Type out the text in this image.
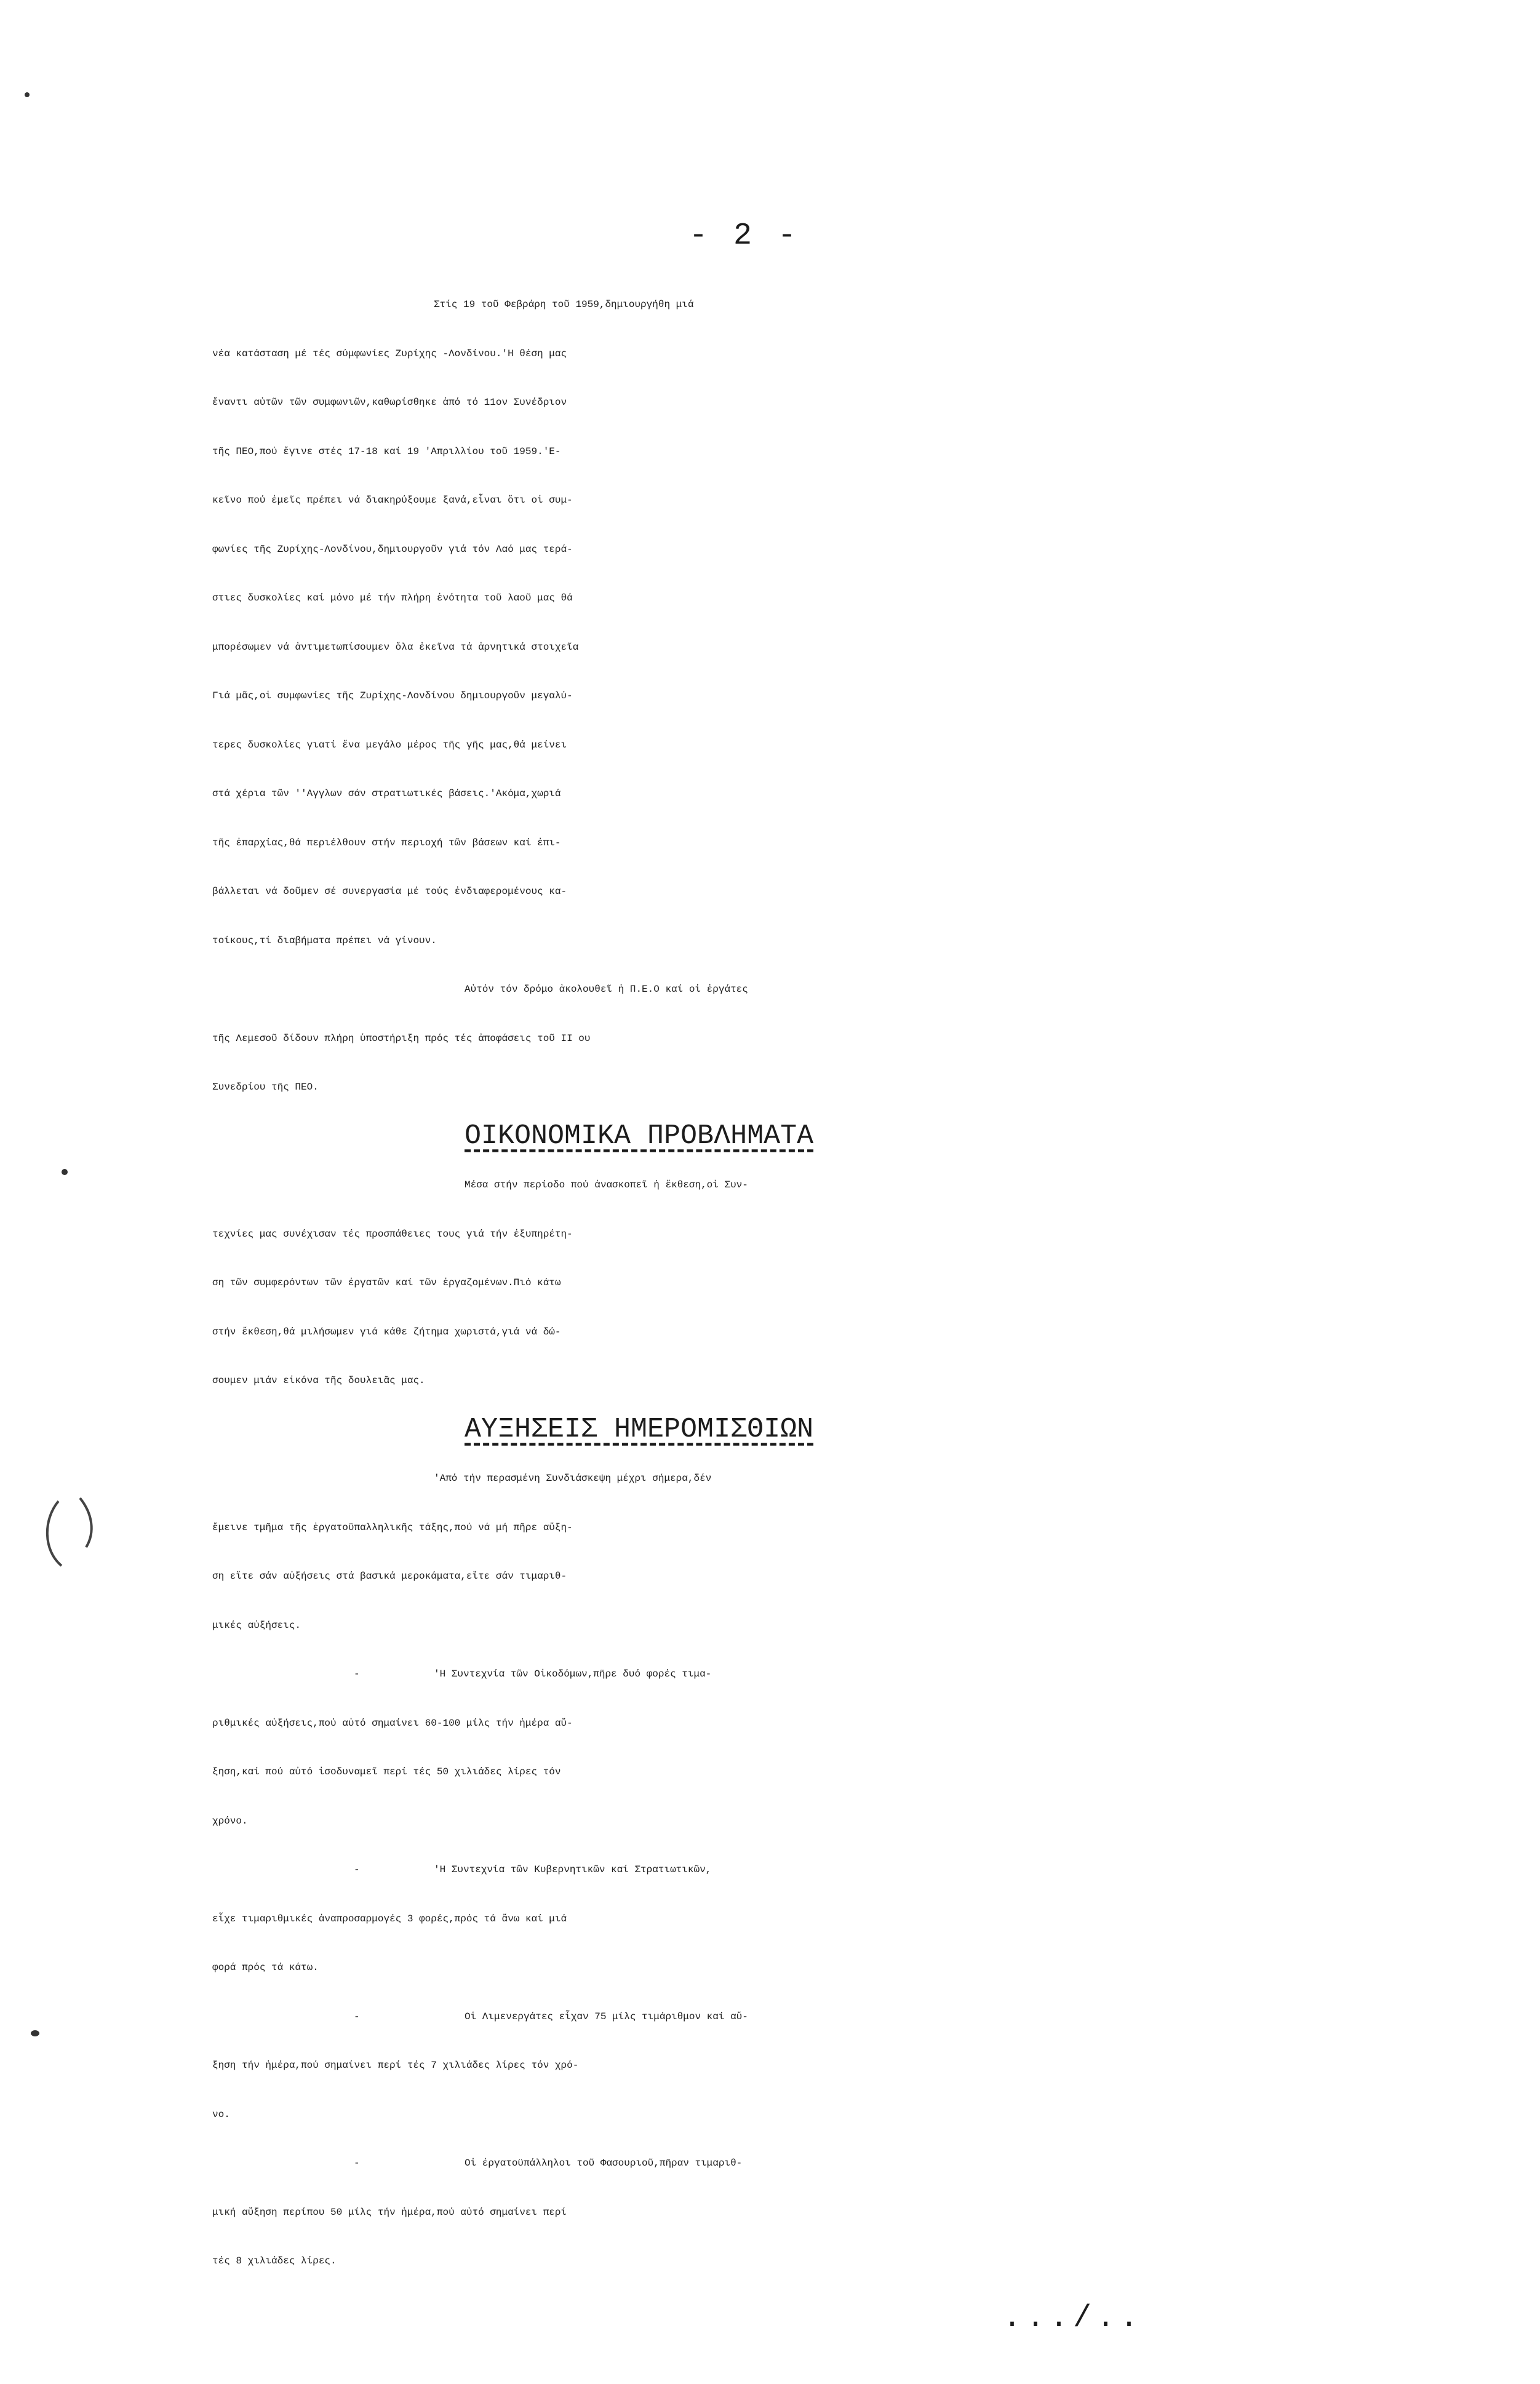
- 2 -
Στίς 19 τοῦ Φεβράρη τοῦ 1959,δημιουργήθη μιά
νέα κατάσταση μέ τές σύμφωνίες Ζυρίχης -Λονδίνου.'Η θέση μας
ἔναντι αὐτῶν τῶν συμφωνιῶν,καθωρίσθηκε ἀπό τό 11ον Συνέδριον
τῆς ΠΕΟ,πού ἔγινε στές 17-18 καί 19 'Απριλλίου τοῦ 1959.'Ε-
κεῖνο πού ἐμεῖς πρέπει νά διακηρύξουμε ξανά,εἶναι ὅτι οἱ συμ-
φωνίες τῆς Ζυρίχης-Λονδίνου,δημιουργοῦν γιά τόν Λαό μας τερά-
στιες δυσκολίες καί μόνο μέ τήν πλήρη ἑνότητα τοῦ λαοῦ μας θά
μπορέσωμεν νά ἀντιμετωπίσουμεν ὅλα ἐκεῖνα τά ἀρνητικά στοιχεῖα
Γιά μᾶς,οἱ συμφωνίες τῆς Ζυρίχης-Λονδίνου δημιουργοῦν μεγαλύ-
τερες δυσκολίες γιατί ἕνα μεγάλο μέρος τῆς γῆς μας,θά μείνει
στά χέρια τῶν ''Αγγλων σάν στρατιωτικές βάσεις.'Ακόμα,χωριά
τῆς ἐπαρχίας,θά περιέλθουν στήν περιοχή τῶν βάσεων καί ἐπι-
βάλλεται νά δοῦμεν σέ συνεργασία μέ τούς ἐνδιαφερομένους κα-
τοίκους,τί διαβήματα πρέπει νά γίνουν.
Αὐτόν τόν δρόμο ἀκολουθεῖ ἡ Π.Ε.Ο καί οἱ ἐργάτες
τῆς Λεμεσοῦ δίδουν πλήρη ὑποστήριξη πρός τές ἀποφάσεις τοῦ ΙΙ ου
Συνεδρίου τῆς ΠΕΟ.
ΟΙΚΟΝΟΜΙΚΑ ΠΡΟΒΛΗΜΑΤΑ
Μέσα στήν περίοδο πού ἀνασκοπεῖ ἡ ἔκθεση,οἱ Συν-
τεχνίες μας συνέχισαν τές προσπάθειες τους γιά τήν ἐξυπηρέτη-
ση τῶν συμφερόντων τῶν ἐργατῶν καί τῶν ἐργαζομένων.Πιό κάτω
στήν ἔκθεση,θά μιλήσωμεν γιά κάθε ζήτημα χωριστά,γιά νά δώ-
σουμεν μιάν εἰκόνα τῆς δουλειᾶς μας.
ΑΥΞΗΣΕΙΣ ΗΜΕΡΟΜΙΣΘΙΩΝ
'Από τήν περασμένη Συνδιάσκεψη μέχρι σήμερα,δέν
ἔμεινε τμῆμα τῆς ἐργατοϋπαλληλικῆς τάξης,πού νά μή πῆρε αὔξη-
ση εἴτε σάν αὐξήσεις στά βασικά μεροκάματα,εἴτε σάν τιμαριθ-
μικές αὐξήσεις.
'Η Συντεχνία τῶν Οἰκοδόμων,πῆρε δυό φορές τιμα-
-
ριθμικές αὐξήσεις,πού αὐτό σημαίνει 60-100 μίλς τήν ἡμέρα αὔ-
ξηση,καί πού αὐτό ἰσοδυναμεῖ περί τές 50 χιλιάδες λίρες τόν
χρόνο.
'Η Συντεχνία τῶν Κυβερνητικῶν καί Στρατιωτικῶν,
-
εἶχε τιμαριθμικές ἀναπροσαρμογές 3 φορές,πρός τά ἄνω καί μιά
φορά πρός τά κάτω.
Οἱ Λιμενεργάτες εἶχαν 75 μίλς τιμάριθμον καί αὔ-
-
ξηση τήν ἡμέρα,πού σημαίνει περί τές 7 χιλιάδες λίρες τόν χρό-
νο.
Οἱ ἐργατοϋπάλληλοι τοῦ Φασουριοῦ,πῆραν τιμαριθ-
-
μική αὔξηση περίπου 50 μίλς τήν ἡμέρα,πού αὐτό σημαίνει περί
τές 8 χιλιάδες λίρες.
.../..
